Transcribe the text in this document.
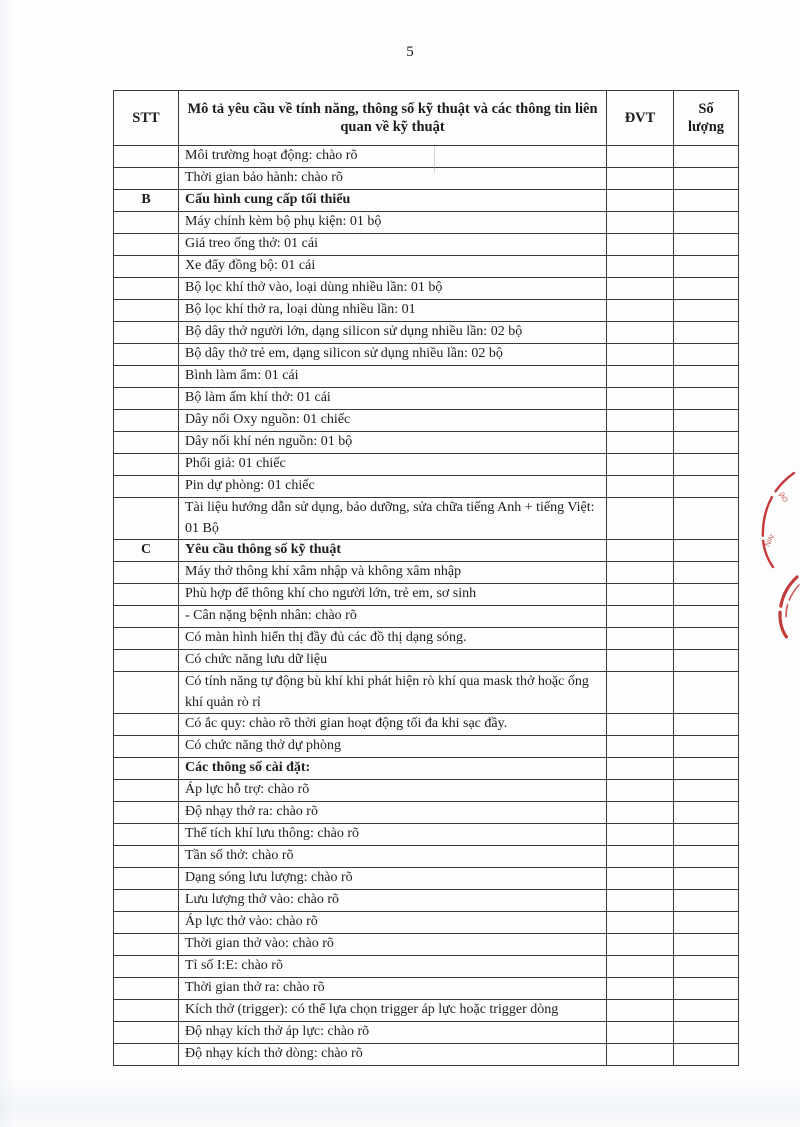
5
STT	Mô tả yêu cầu về tính năng, thông số kỹ thuật và các thông tin liên quan về kỹ thuật	ĐVT	Số lượng
	Môi trường hoạt động: chào rõ		
	Thời gian bảo hành: chào rõ		
B	Cấu hình cung cấp tối thiểu		
	Máy chính kèm bộ phụ kiện: 01 bộ		
	Giá treo ống thở: 01 cái		
	Xe đẩy đồng bộ: 01 cái		
	Bộ lọc khí thở vào, loại dùng nhiều lần: 01 bộ		
	Bộ lọc khí thở ra, loại dùng nhiều lần: 01		
	Bộ dây thở người lớn, dạng silicon sử dụng nhiều lần: 02 bộ		
	Bộ dây thở trẻ em, dạng silicon sử dụng nhiều lần: 02 bộ		
	Bình làm ẩm: 01 cái		
	Bộ làm ấm khí thở: 01 cái		
	Dây nối Oxy nguồn: 01 chiếc		
	Dây nối khí nén nguồn: 01 bộ		
	Phổi giả: 01 chiếc		
	Pin dự phòng: 01 chiếc		
	Tài liệu hướng dẫn sử dụng, bảo dưỡng, sửa chữa tiếng Anh + tiếng Việt: 01 Bộ		
C	Yêu cầu thông số kỹ thuật		
	Máy thở thông khí xâm nhập và không xâm nhập		
	Phù hợp để thông khí cho người lớn, trẻ em, sơ sinh		
	- Cân nặng bệnh nhân: chào rõ		
	Có màn hình hiển thị đầy đủ các đồ thị dạng sóng.		
	Có chức năng lưu dữ liệu		
	Có tính năng tự động bù khí khi phát hiện rò khí qua mask thở hoặc ống khí quản rò rỉ		
	Có ắc quy: chào rõ thời gian hoạt động tối đa khi sạc đầy.		
	Có chức năng thở dự phòng		
	Các thông số cài đặt:		
	Áp lực hỗ trợ: chào rõ		
	Độ nhạy thở ra: chào rõ		
	Thể tích khí lưu thông: chào rõ		
	Tần số thở: chào rõ		
	Dạng sóng lưu lượng: chào rõ		
	Lưu lượng thở vào: chào rõ		
	Áp lực thở vào: chào rõ		
	Thời gian thở vào: chào rõ		
	Tỉ số I:E: chào rõ		
	Thời gian thở ra: chào rõ		
	Kích thở (trigger): có thể lựa chọn trigger áp lực hoặc trigger dòng		
	Độ nhạy kích thở áp lực: chào rõ		
	Độ nhạy kích thở dòng: chào rõ		
ЙО
NIN:
